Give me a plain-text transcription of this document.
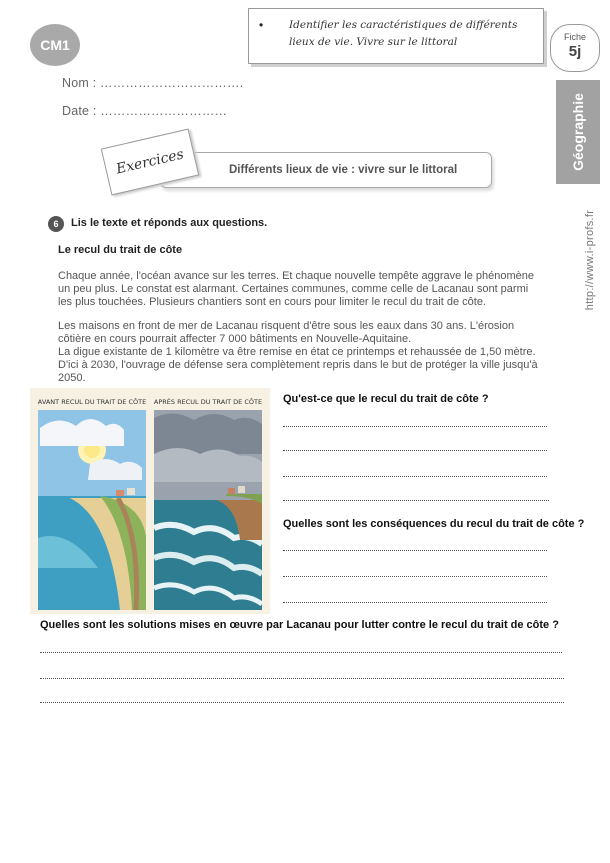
CM1
Nom : …………………………….
Date : …………………………
• Identifier les caractéristiques de différents lieux de vie. Vivre sur le littoral	Fiche
5j
Géographie
http://www.i-profs.fr
Différents lieux de vie : vivre sur le littoral
Exercices
6	Lis le texte et réponds aux questions.
Le recul du trait de côte
Chaque année, l'océan avance sur les terres. Et chaque nouvelle tempête aggrave le phénomène un peu plus. Le constat est alarmant. Certaines communes, comme celle de Lacanau sont parmi les plus touchées. Plusieurs chantiers sont en cours pour limiter le recul du trait de côte.
Les maisons en front de mer de Lacanau risquent d'être sous les eaux dans 30 ans. L'érosion côtière en cours pourrait affecter 7 000 bâtiments en Nouvelle-Aquitaine.
La digue existante de 1 kilomètre va être remise en état ce printemps et rehaussée de 1,50 mètre. D'ici à 2030, l'ouvrage de défense sera complètement repris dans le but de protéger la ville jusqu'à 2050.
AVANT RECUL DU TRAIT DE CÔTE APRÈS RECUL DU TRAIT DE CÔTE Qu'est-ce que le recul du trait de côte ?
Quelles sont les conséquences du recul du trait de côte ?
Quelles sont les solutions mises en œuvre par Lacanau pour lutter contre le recul du trait de côte ?
